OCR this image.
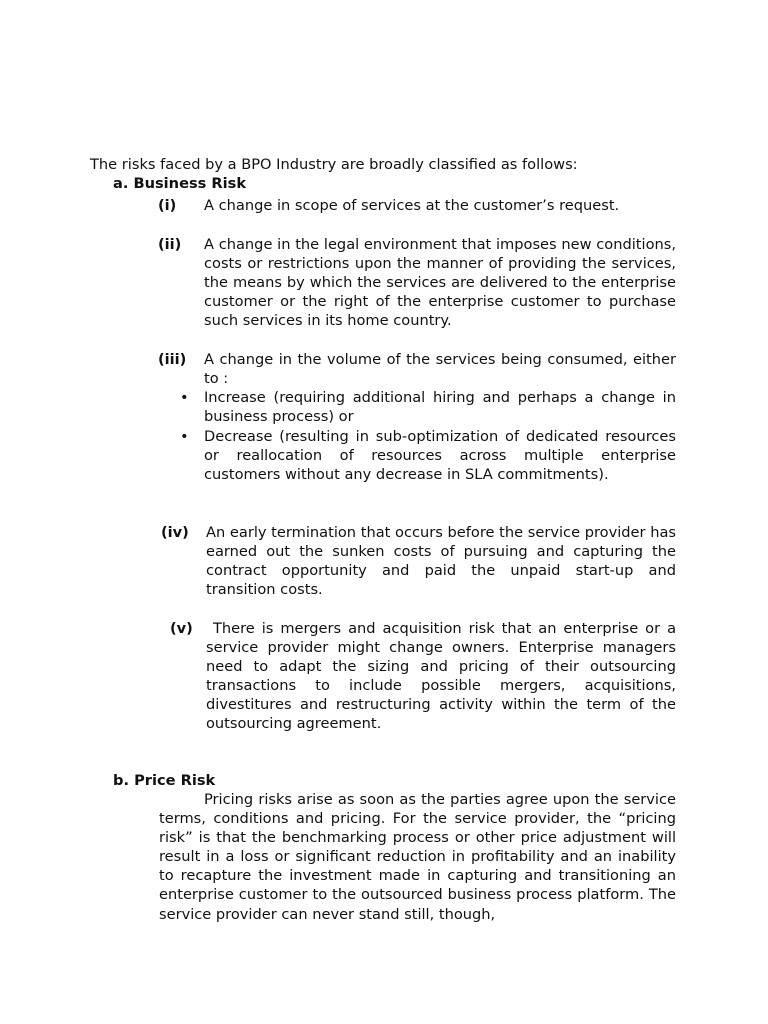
The risks faced by a BPO Industry are broadly classified as follows:
a. Business Risk
(i) A change in scope of services at the customer’s request.
(ii) A change in the legal environment that imposes new conditions, costs or restrictions upon the manner of providing the services, the means by which the services are delivered to the enterprise customer or the right of the enterprise customer to purchase such services in its home country.
(iii) A change in the volume of the services being consumed, either to :
• Increase (requiring additional hiring and perhaps a change in business process) or
• Decrease (resulting in sub-optimization of dedicated resources or reallocation of resources across multiple enterprise customers without any decrease in SLA commitments).
(iv) An early termination that occurs before the service provider has earned out the sunken costs of pursuing and capturing the contract opportunity and paid the unpaid start-up and transition costs.
(v) There is mergers and acquisition risk that an enterprise or a service provider might change owners. Enterprise managers need to adapt the sizing and pricing of their outsourcing transactions to include possible mergers, acquisitions, divestitures and restructuring activity within the term of the outsourcing agreement.
b. Price Risk
Pricing risks arise as soon as the parties agree upon the service terms, conditions and pricing. For the service provider, the “pricing risk” is that the benchmarking process or other price adjustment will result in a loss or significant reduction in profitability and an inability to recapture the investment made in capturing and transitioning an enterprise customer to the outsourced business process platform. The service provider can never stand still, though,
